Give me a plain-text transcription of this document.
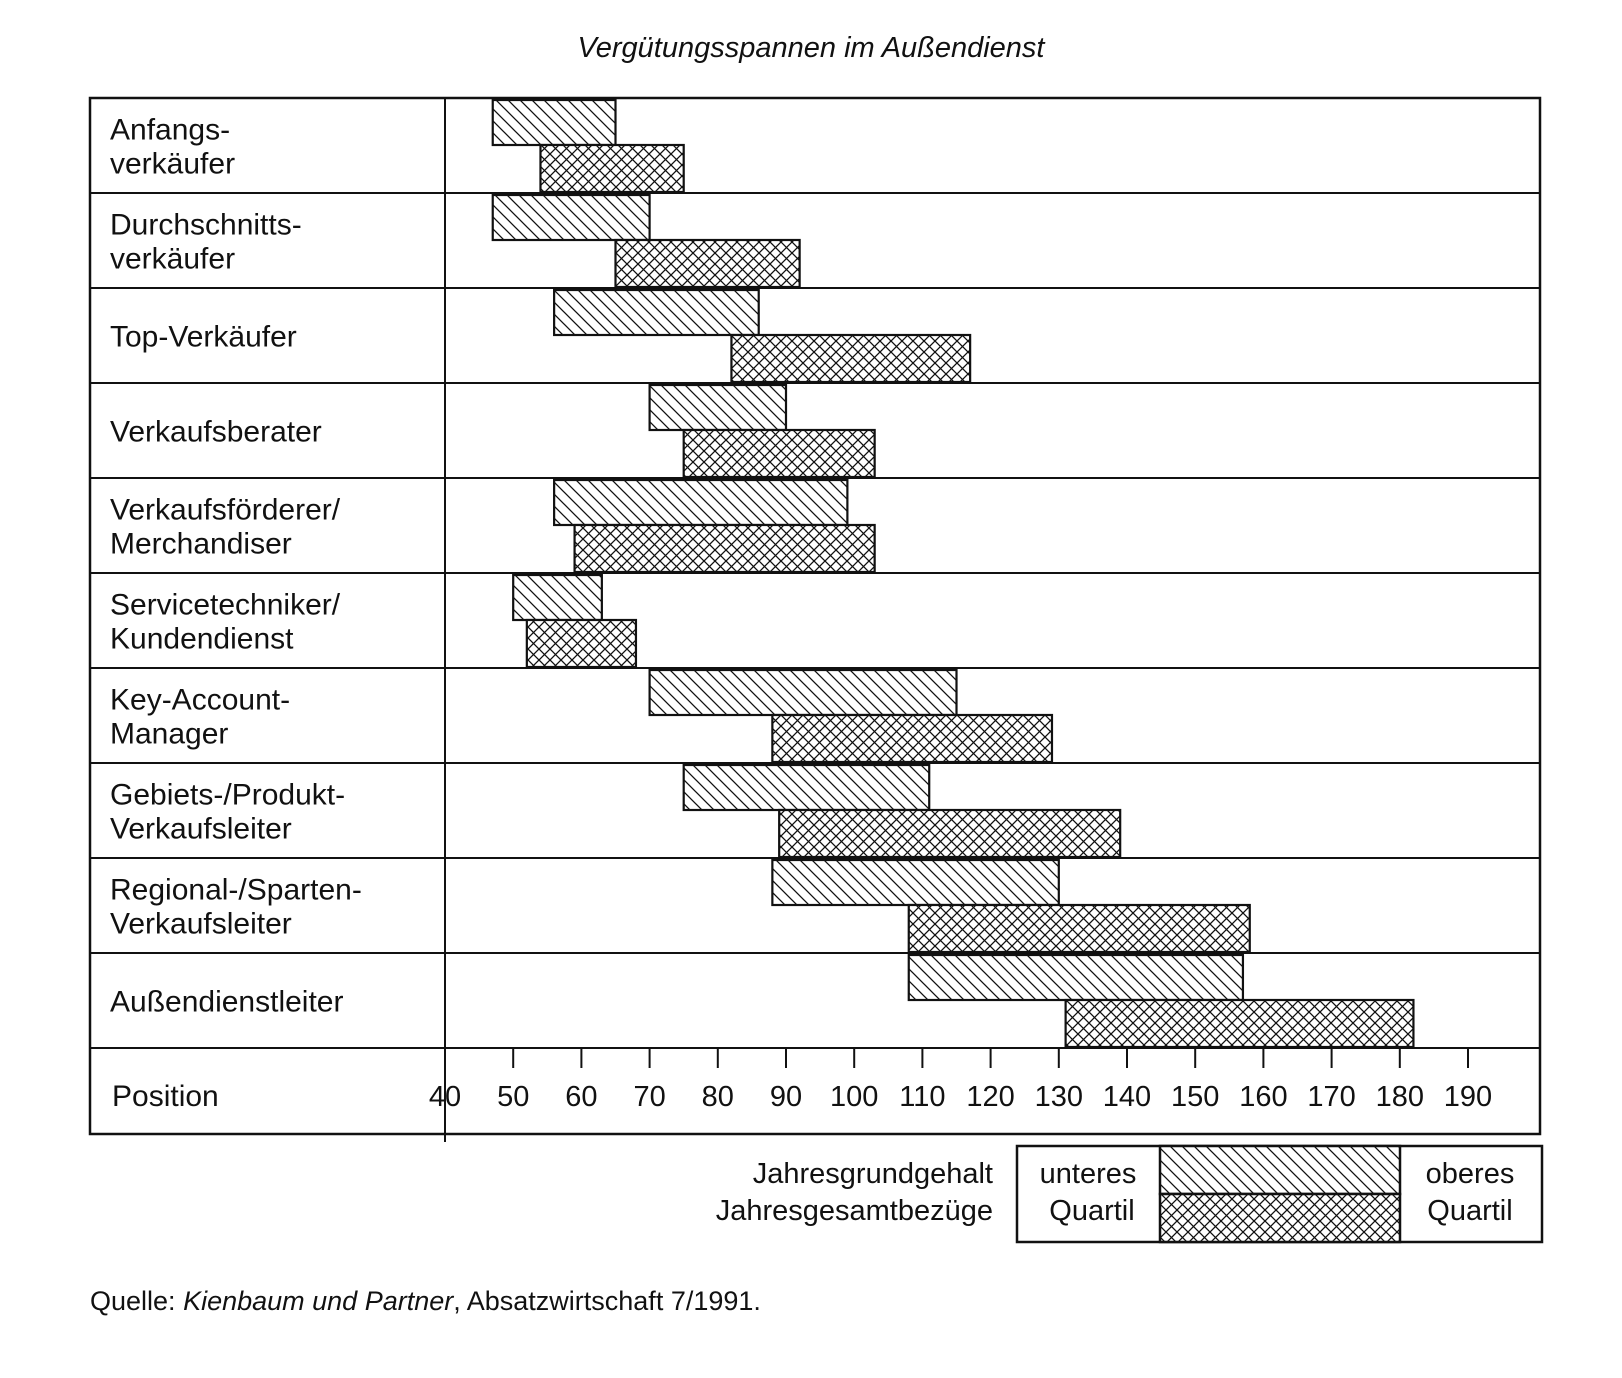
Vergütungsspannen im Außendienst
Anfangs-
verkäufer
Durchschnitts-
verkäufer
Top-Verkäufer
Verkaufsberater
Verkaufsförderer/
Merchandiser
Servicetechniker/
Kundendienst
Key-Account-
Manager
Gebiets-/Produkt-
Verkaufsleiter
Regional-/Sparten-
Verkaufsleiter
Außendienstleiter
Position	40 50 60 70 80 90 100 110 120 130 140 150 160 170 180 190
Jahresgrundgehalt
Jahresgesamtbezüge
unteres
Quartil
oberes
Quartil
Quelle: Kienbaum und Partner, Absatzwirtschaft 7/1991.
